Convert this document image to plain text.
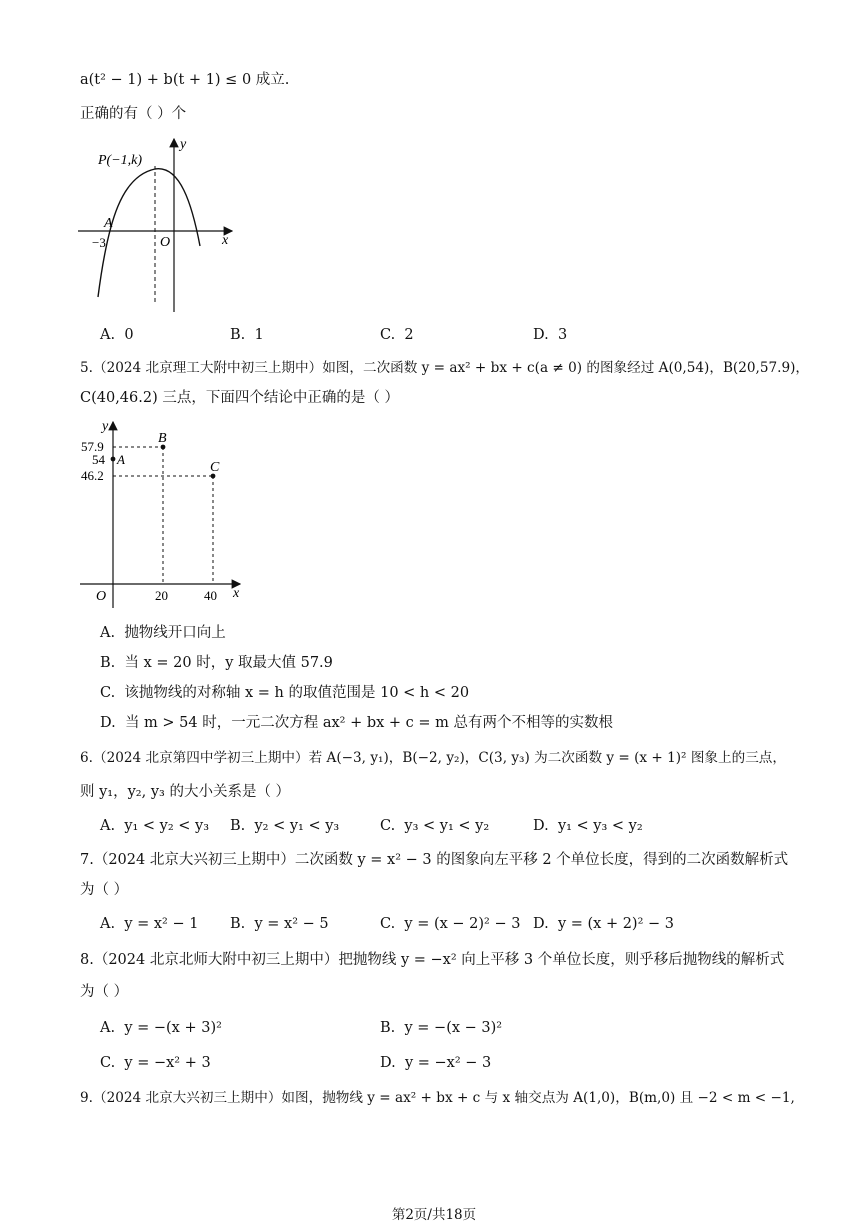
a(t² − 1) + b(t + 1) ≤ 0 成立.
正确的有（ ）个
P(−1,k)
A
−3	O	x
y
A. 0	B. 1	C. 2	D. 3
5.（2024 北京理工大附中初三上期中）如图，二次函数 y = ax² + bx + c(a ≠ 0) 的图象经过 A(0,54)，B(20,57.9)，
C(40,46.2) 三点，下面四个结论中正确的是（ ）
y
57.9
54
46.2
A
B
C
O	20	40 x
A. 抛物线开口向上
B. 当 x = 20 时，y 取最大值 57.9
C. 该抛物线的对称轴 x = h 的取值范围是 10 < h < 20
D. 当 m > 54 时，一元二次方程 ax² + bx + c = m 总有两个不相等的实数根
6.（2024 北京第四中学初三上期中）若 A(−3, y₁)，B(−2, y₂)，C(3, y₃) 为二次函数 y = (x + 1)² 图象上的三点，
则 y₁，y₂, y₃ 的大小关系是（ ）
A. y₁ < y₂ < y₃ B. y₂ < y₁ < y₃	C. y₃ < y₁ < y₂	D. y₁ < y₃ < y₂
7.（2024 北京大兴初三上期中）二次函数 y = x² − 3 的图象向左平移 2 个单位长度，得到的二次函数解析式
为（ ）
A. y = x² − 1 B. y = x² − 5	C. y = (x − 2)² − 3 D. y = (x + 2)² − 3
8.（2024 北京北师大附中初三上期中）把抛物线 y = −x² 向上平移 3 个单位长度，则乎移后抛物线的解析式
为（ ）
A. y = −(x + 3)²	B. y = −(x − 3)²
C. y = −x² + 3	D. y = −x² − 3
9.（2024 北京大兴初三上期中）如图，抛物线 y = ax² + bx + c 与 x 轴交点为 A(1,0)，B(m,0) 且 −2 < m < −1,
第2页/共18页
